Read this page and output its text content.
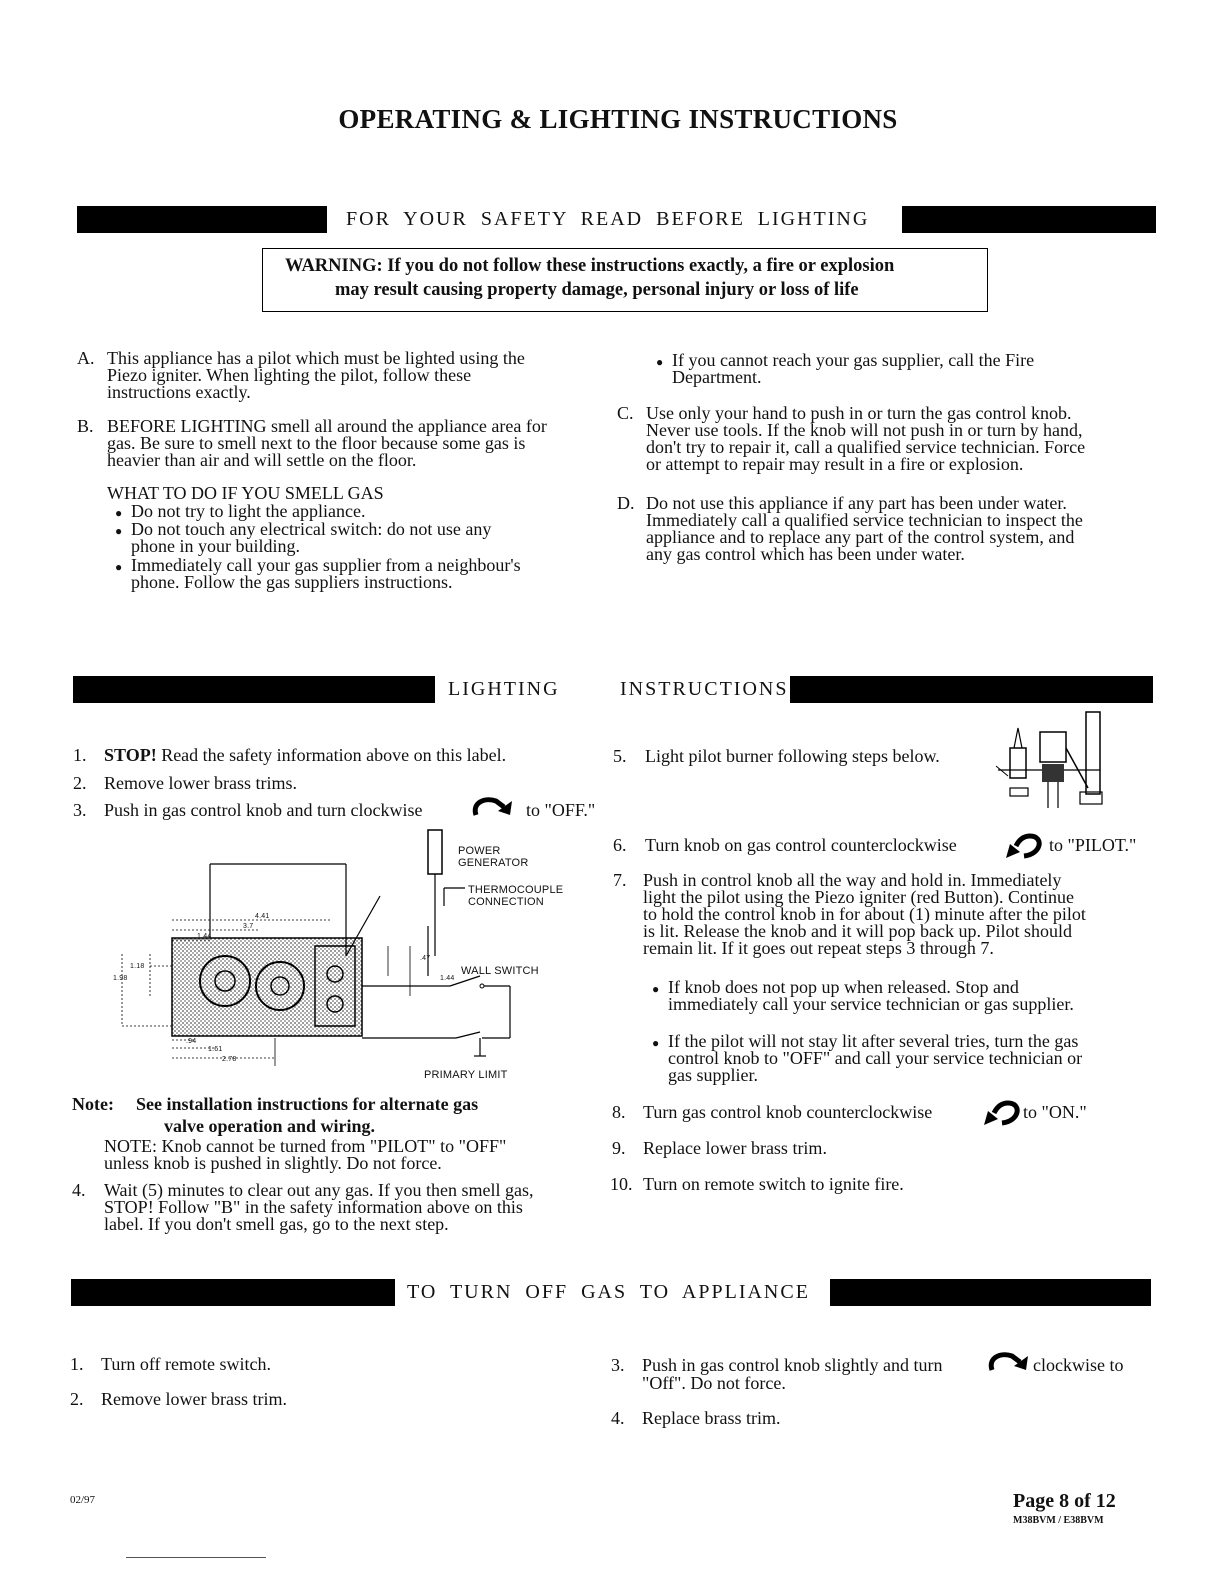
OPERATING & LIGHTING INSTRUCTIONS
FOR YOUR SAFETY READ BEFORE LIGHTING
WARNING: If you do not follow these instructions exactly, a fire or explosion
may result causing property damage, personal injury or loss of life
A. This appliance has a pilot which must be lighted using the
Piezo igniter. When lighting the pilot, follow these
instructions exactly.
B. BEFORE LIGHTING smell all around the appliance area for
gas. Be sure to smell next to the floor because some gas is
heavier than air and will settle on the floor.
WHAT TO DO IF YOU SMELL GAS
● Do not try to light the appliance.
● Do not touch any electrical switch: do not use any
phone in your building.
● Immediately call your gas supplier from a neighbour's
phone. Follow the gas suppliers instructions.
● If you cannot reach your gas supplier, call the Fire
Department.
C. Use only your hand to push in or turn the gas control knob.
Never use tools. If the knob will not push in or turn by hand,
don't try to repair it, call a qualified service technician. Force
or attempt to repair may result in a fire or explosion.
D. Do not use this appliance if any part has been under water.
Immediately call a qualified service technician to inspect the
appliance and to replace any part of the control system, and
any gas control which has been under water.
LIGHTING	INSTRUCTIONS
1. STOP! Read the safety information above on this label.
2. Remove lower brass trims.
3. Push in gas control knob and turn clockwise	to "OFF."
POWER
GENERATOR
THERMOCOUPLE
CONNECTION
WALL SWITCH
PRIMARY LIMIT
4.41
3.7
1.44
1.18
1.98
.47
1.44
.94
1.61
2.78
Note: See installation instructions for alternate gas
valve operation and wiring.
NOTE: Knob cannot be turned from "PILOT" to "OFF"
unless knob is pushed in slightly. Do not force.
4. Wait (5) minutes to clear out any gas. If you then smell gas,
STOP! Follow "B" in the safety information above on this
label. If you don't smell gas, go to the next step.
5. Light pilot burner following steps below.
6. Turn knob on gas control counterclockwise	to "PILOT."
7. Push in control knob all the way and hold in. Immediately
light the pilot using the Piezo igniter (red Button). Continue
to hold the control knob in for about (1) minute after the pilot
is lit. Release the knob and it will pop back up. Pilot should
remain lit. If it goes out repeat steps 3 through 7.
● If knob does not pop up when released. Stop and
immediately call your service technician or gas supplier.
● If the pilot will not stay lit after several tries, turn the gas
control knob to "OFF" and call your service technician or
gas supplier.
8. Turn gas control knob counterclockwise	to "ON."
9. Replace lower brass trim.
10. Turn on remote switch to ignite fire.
TO TURN OFF GAS TO APPLIANCE
1. Turn off remote switch.
2. Remove lower brass trim.
3. Push in gas control knob slightly and turn	clockwise to
"Off". Do not force.
4. Replace brass trim.
02/97	Page 8 of 12
M38BVM / E38BVM
